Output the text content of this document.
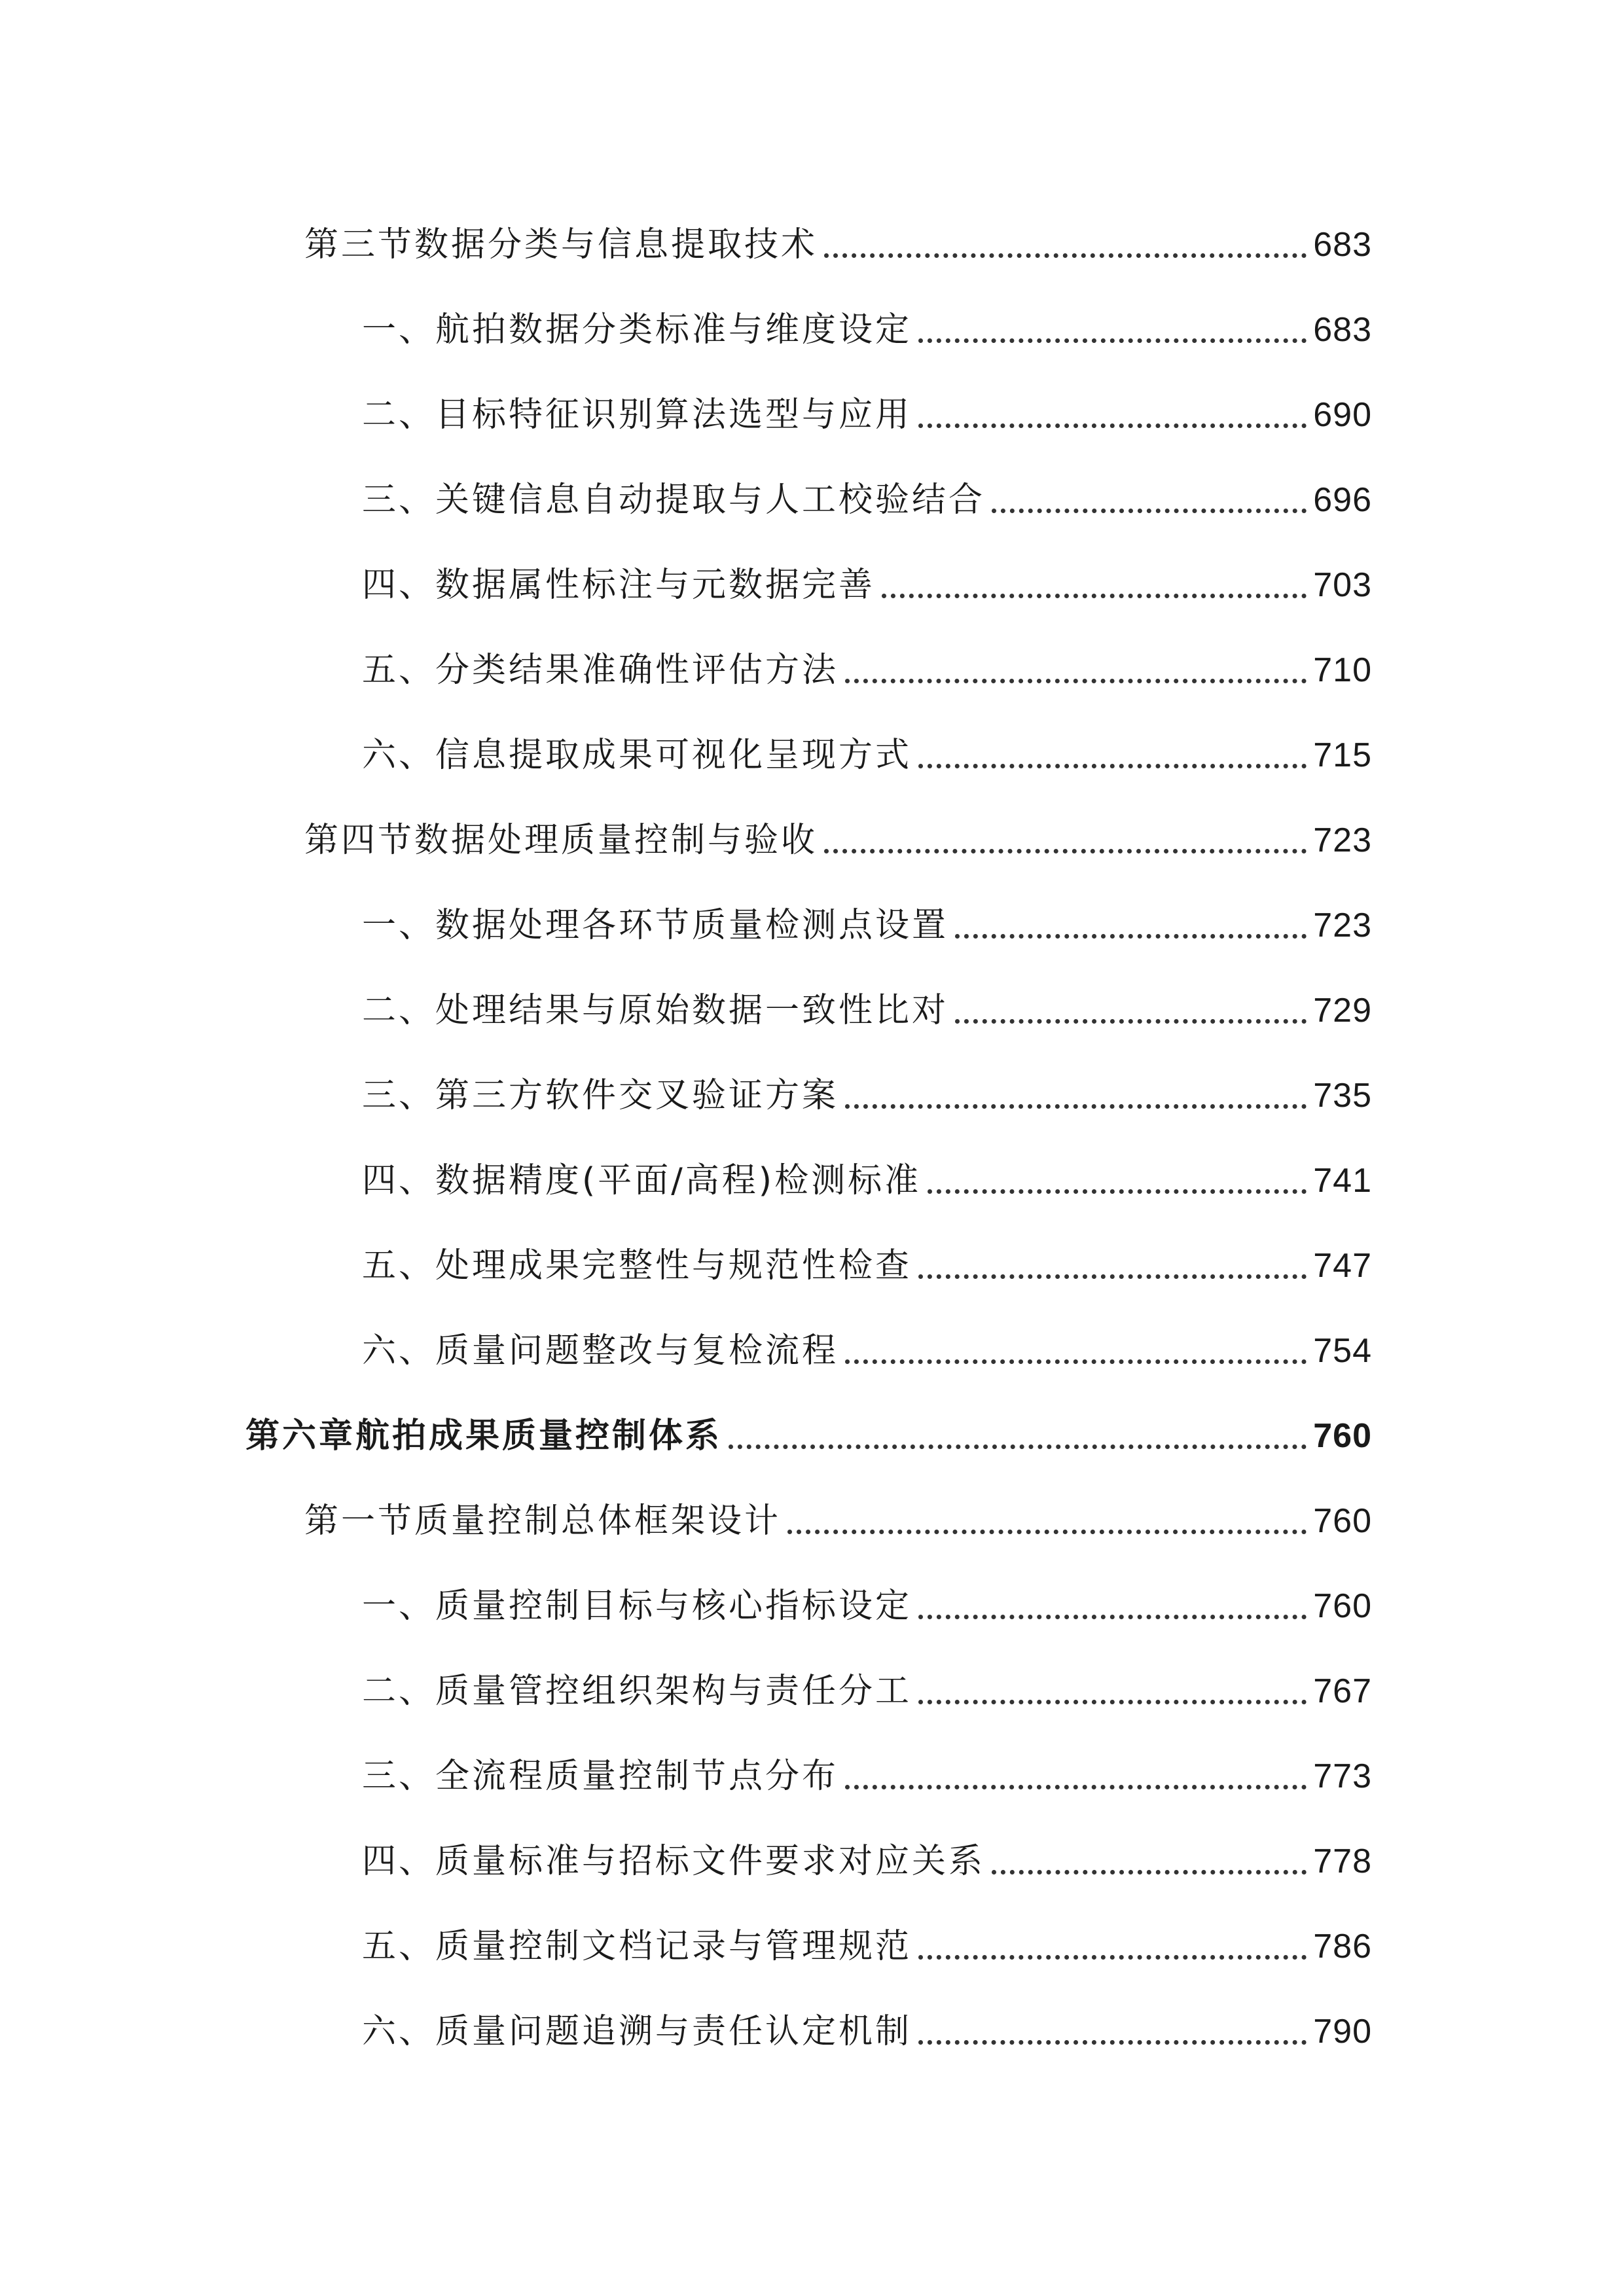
第三节数据分类与信息提取技术	683
一、航拍数据分类标准与维度设定	683
二、目标特征识别算法选型与应用	690
三、关键信息自动提取与人工校验结合	696
四、数据属性标注与元数据完善	703
五、分类结果准确性评估方法	710
六、信息提取成果可视化呈现方式	715
第四节数据处理质量控制与验收	723
一、数据处理各环节质量检测点设置	723
二、处理结果与原始数据一致性比对	729
三、第三方软件交叉验证方案	735
四、数据精度(平面/高程)检测标准	741
五、处理成果完整性与规范性检查	747
六、质量问题整改与复检流程	754
第六章航拍成果质量控制体系	760
第一节质量控制总体框架设计	760
一、质量控制目标与核心指标设定	760
二、质量管控组织架构与责任分工	767
三、全流程质量控制节点分布	773
四、质量标准与招标文件要求对应关系	778
五、质量控制文档记录与管理规范	786
六、质量问题追溯与责任认定机制	790
